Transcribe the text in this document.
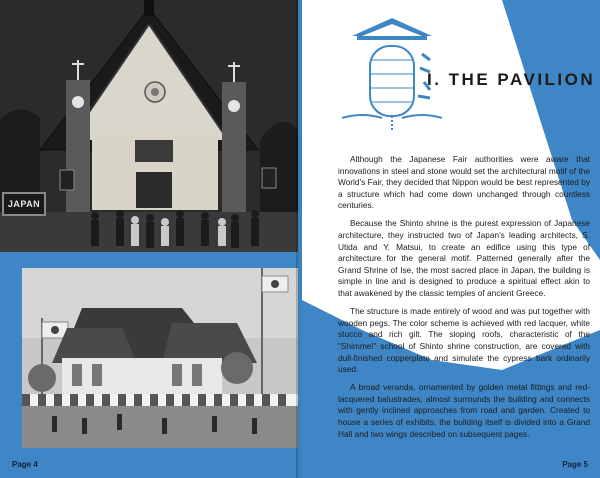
JAPAN
Page 4
I. THE PAVILION

Although the Japanese Fair authorities were aware that innovations in steel and stone would set the architectural motif of the World's Fair, they decided that Nippon would be best represented by a structure which had come down unchanged through countless centuries.

Because the Shinto shrine is the purest expression of Japanese architecture, they instructed two of Japan's leading architects, S. Utida and Y. Matsui, to create an edifice using this type of architecture for the general motif. Patterned generally after the Grand Shrine of Ise, the most sacred place in Japan, the building is simple in line and is designed to produce a spiritual effect akin to that awakened by the classic temples of ancient Greece.

The structure is made entirely of wood and was put together with wooden pegs. The color scheme is achieved with red lacquer, white stucco and rich gilt. The sloping roofs, characteristic of the "Shimmei" school of Shinto shrine construction, are covered with dull-finished copperplate and simulate the cypress bark ordinarily used.

A broad veranda, ornamented by golden metal fittings and red-lacquered balustrades, almost surrounds the building and connects with gently inclined approaches from road and garden. Created to house a series of exhibits, the building itself is divided into a Grand Hall and two wings described on subsequent pages.

Page 5
